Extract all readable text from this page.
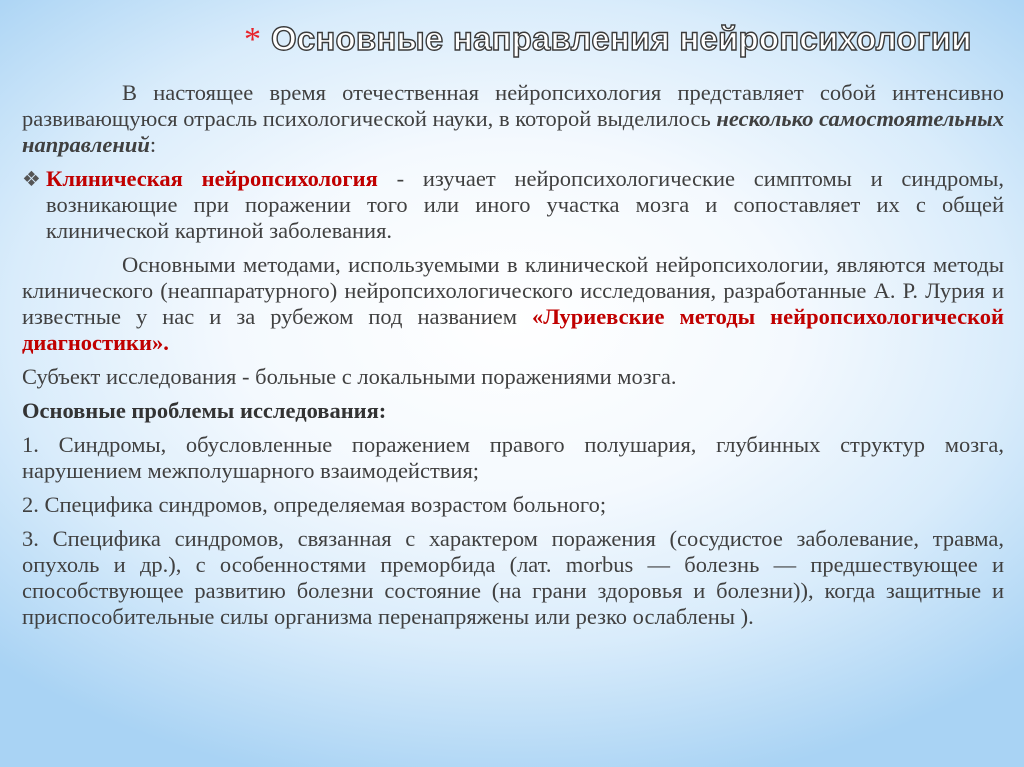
* Основные направления нейропсихологии

В настоящее время отечественная нейропсихология представляет собой интенсивно развивающуюся отрасль психологической науки, в которой выделилось несколько самостоятельных направлений:

❖ Клиническая нейропсихология - изучает нейропсихологические симптомы и синдромы, возникающие при поражении того или иного участка мозга и сопоставляет их с общей клинической картиной заболевания.

Основными методами, используемыми в клинической нейропсихологии, являются методы клинического (неаппаратурного) нейропсихологического исследования, разработанные А. Р. Лурия и известные у нас и за рубежом под названием «Луриевские методы нейропсихологической диагностики».

Субъект исследования - больные с локальными поражениями мозга.

Основные проблемы исследования:

1. Синдромы, обусловленные поражением правого полушария, глубинных структур мозга, нарушением межполушарного взаимодействия;

2. Специфика синдромов, определяемая возрастом больного;

3. Специфика синдромов, связанная с характером поражения (сосудистое заболевание, травма, опухоль и др.), с особенностями преморбида (лат. morbus — болезнь — предшествующее и способствующее развитию болезни состояние (на грани здоровья и болезни)), когда защитные и приспособительные силы организма перенапряжены или резко ослаблены ).
